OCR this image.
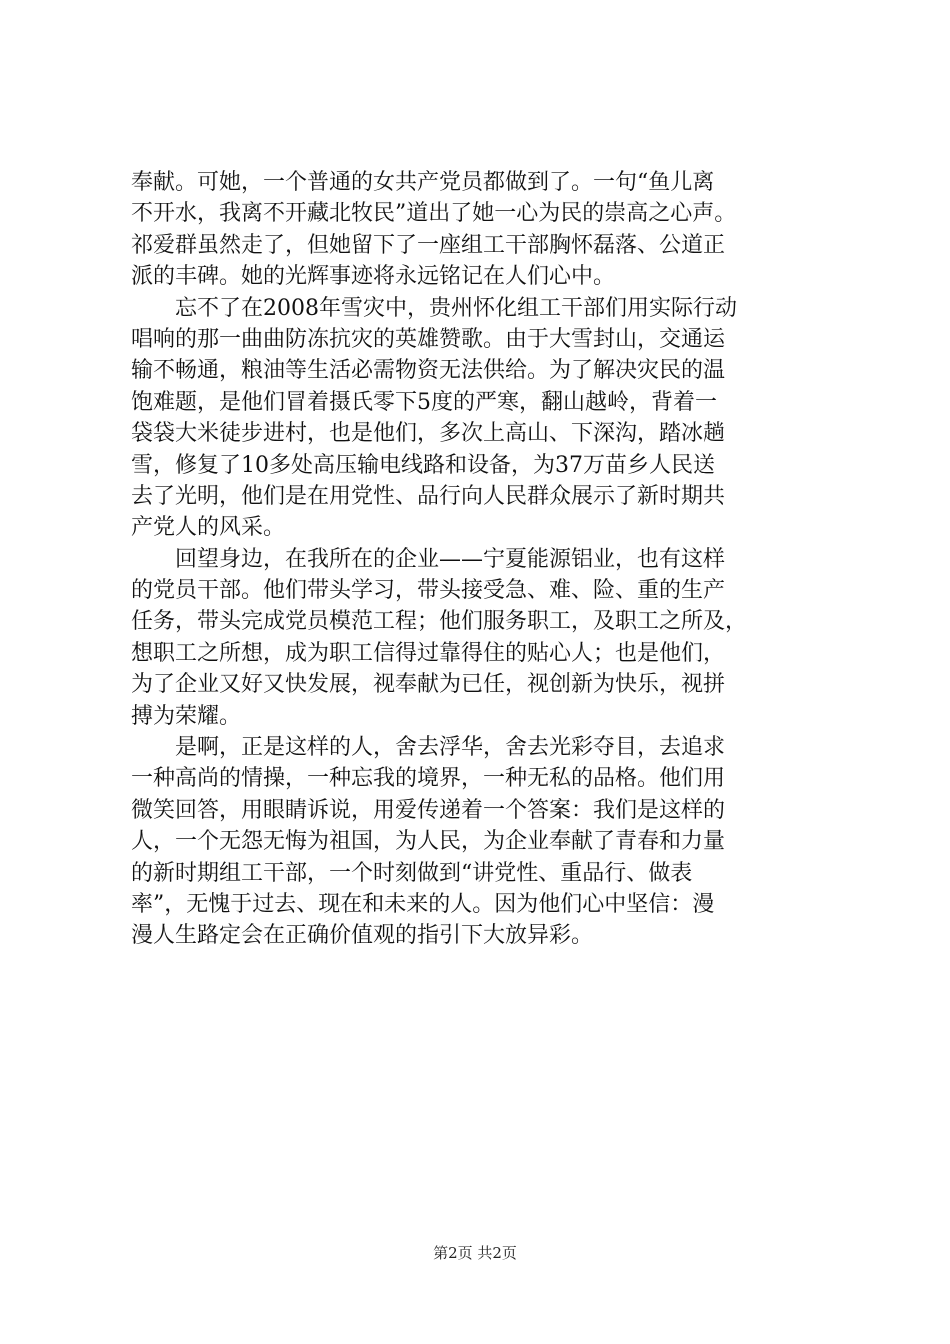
奉献。可她，一个普通的女共产党员都做到了。一句“鱼儿离
不开水，我离不开藏北牧民”道出了她一心为民的崇高之心声。
祁爱群虽然走了，但她留下了一座组工干部胸怀磊落、公道正
派的丰碑。她的光辉事迹将永远铭记在人们心中。
　　忘不了在2008年雪灾中，贵州怀化组工干部们用实际行动
唱响的那一曲曲防冻抗灾的英雄赞歌。由于大雪封山，交通运
输不畅通，粮油等生活必需物资无法供给。为了解决灾民的温
饱难题，是他们冒着摄氏零下5度的严寒，翻山越岭，背着一
袋袋大米徒步进村，也是他们，多次上高山、下深沟，踏冰趟
雪，修复了10多处高压输电线路和设备，为37万苗乡人民送
去了光明，他们是在用党性、品行向人民群众展示了新时期共
产党人的风采。
　　回望身边，在我所在的企业——宁夏能源铝业，也有这样
的党员干部。他们带头学习，带头接受急、难、险、重的生产
任务，带头完成党员模范工程；他们服务职工，及职工之所及，
想职工之所想，成为职工信得过靠得住的贴心人；也是他们，
为了企业又好又快发展，视奉献为已任，视创新为快乐，视拼
搏为荣耀。
　　是啊，正是这样的人，舍去浮华，舍去光彩夺目，去追求
一种高尚的情操，一种忘我的境界，一种无私的品格。他们用
微笑回答，用眼睛诉说，用爱传递着一个答案：我们是这样的
人，一个无怨无悔为祖国，为人民，为企业奉献了青春和力量
的新时期组工干部，一个时刻做到“讲党性、重品行、做表
率”，无愧于过去、现在和未来的人。因为他们心中坚信：漫
漫人生路定会在正确价值观的指引下大放异彩。
第2页 共2页
